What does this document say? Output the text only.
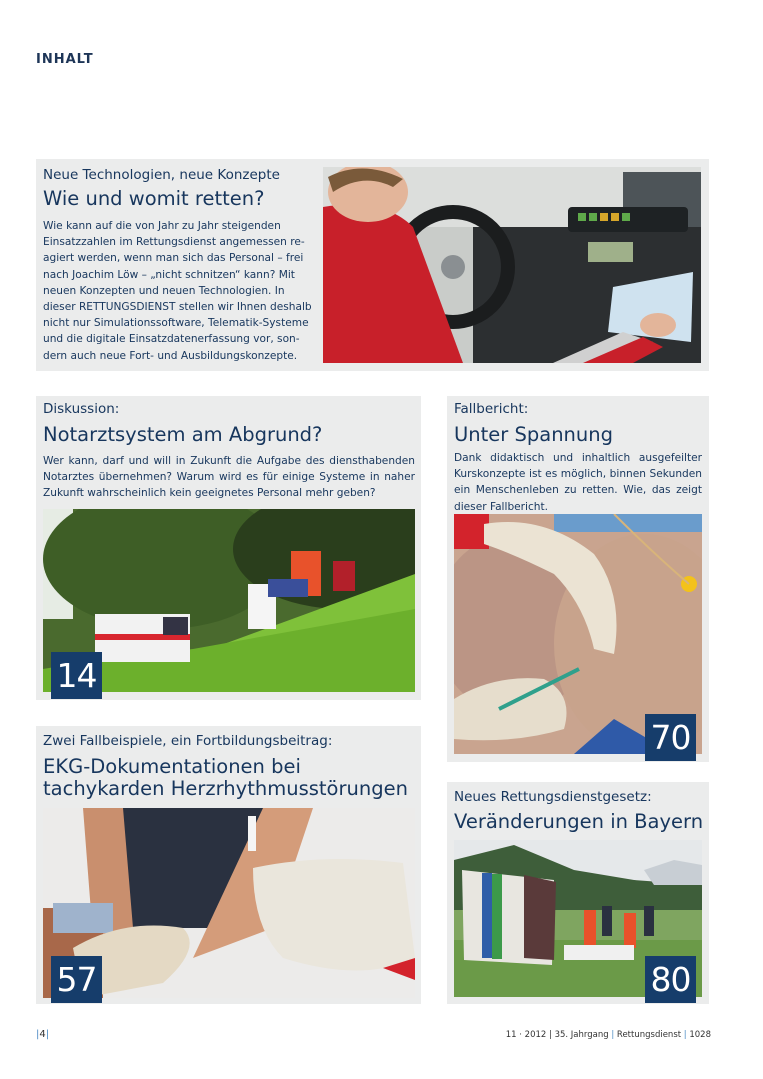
INHALT
Neue Technologien, neue Konzepte
Wie und womit retten?
Wie kann auf die von Jahr zu Jahr steigenden Einsatzzahlen im Rettungsdienst angemessen re-agiert werden, wenn man sich das Personal – frei nach Joachim Löw – „nicht schnitzen“ kann? Mit neuen Konzepten und neuen Technologien. In dieser RETTUNGSDIENST stellen wir Ihnen deshalb nicht nur Simulationssoftware, Telematik-Systeme und die digitale Einsatzdatenerfassung vor, son-dern auch neue Fort- und Ausbildungskonzepte.
Diskussion:
Notarztsystem am Abgrund?
Wer kann, darf und will in Zukunft die Aufgabe des diensthabenden Notarztes übernehmen? Warum wird es für einige Systeme in naher Zukunft wahrscheinlich kein geeignetes Personal mehr geben?
14
Fallbericht:
Unter Spannung
Dank didaktisch und inhaltlich ausgefeilter Kurskonzepte ist es möglich, binnen Sekunden ein Menschenleben zu retten. Wie, das zeigt dieser Fallbericht.
70
Zwei Fallbeispiele, ein Fortbildungsbeitrag:
EKG-Dokumentationen bei
tachykarden Herzrhythmusstörungen
57
Neues Rettungsdienstgesetz:
Veränderungen in Bayern
80
|4|	11 · 2012 | 35. Jahrgang | Rettungsdienst | 1028
